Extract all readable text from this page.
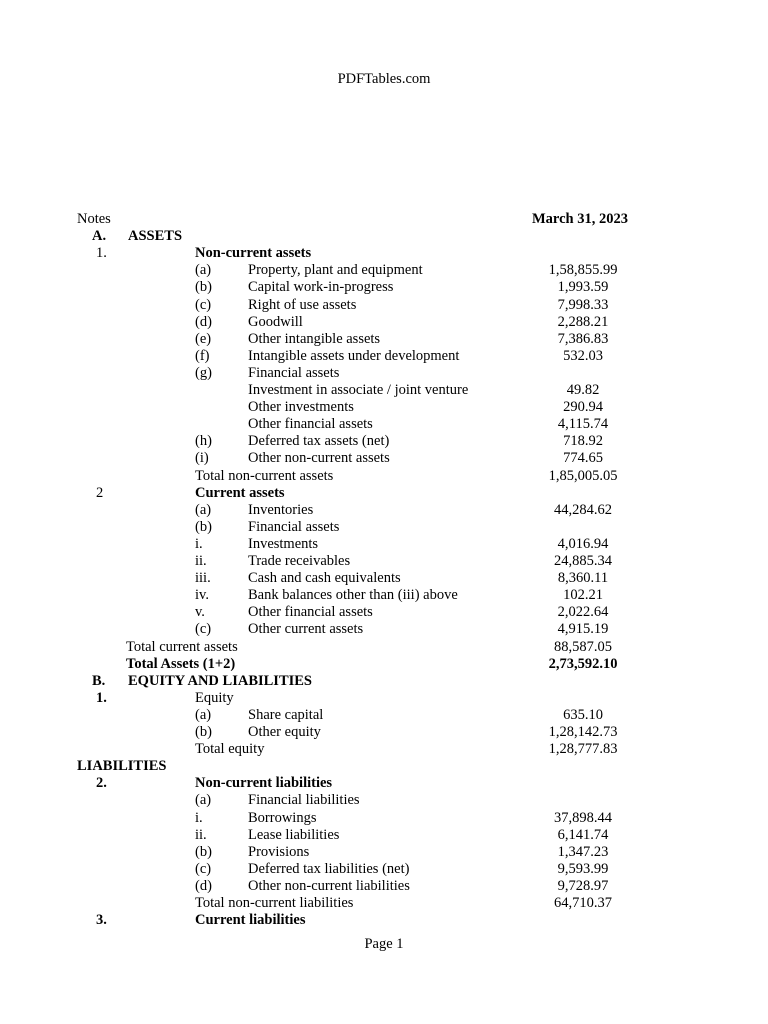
PDFTables.com
Notes	March 31, 2023
A. ASSETS
1.	Non-current assets
(a)	Property, plant and equipment	1,58,855.99
(b) Capital work-in-progress	1,993.59
(c)	Right of use assets	7,998.33
(d) Goodwill	2,288.21
(e)	Other intangible assets	7,386.83
(f)	Intangible assets under development	532.03
(g) Financial assets
Investment in associate / joint venture	49.82
Other investments	290.94
Other financial assets	4,115.74
(h) Deferred tax assets (net)	718.92
(i)	Other non-current assets	774.65
Total non-current assets	1,85,005.05
2	Current assets
(a)	Inventories	44,284.62
(b) Financial assets
i.	Investments	4,016.94
ii.	Trade receivables	24,885.34
iii.	Cash and cash equivalents	8,360.11
iv.	Bank balances other than (iii) above	102.21
v.	Other financial assets	2,022.64
(c)	Other current assets	4,915.19
Total current assets	88,587.05
Total Assets (1+2)	2,73,592.10
B. EQUITY AND LIABILITIES
1.	Equity
(a)	Share capital	635.10
(b) Other equity	1,28,142.73
Total equity	1,28,777.83
LIABILITIES
2.	Non-current liabilities
(a)	Financial liabilities
i.	Borrowings	37,898.44
ii.	Lease liabilities	6,141.74
(b) Provisions	1,347.23
(c)	Deferred tax liabilities (net)	9,593.99
(d) Other non-current liabilities	9,728.97
Total non-current liabilities	64,710.37
3.	Current liabilities
Page 1
